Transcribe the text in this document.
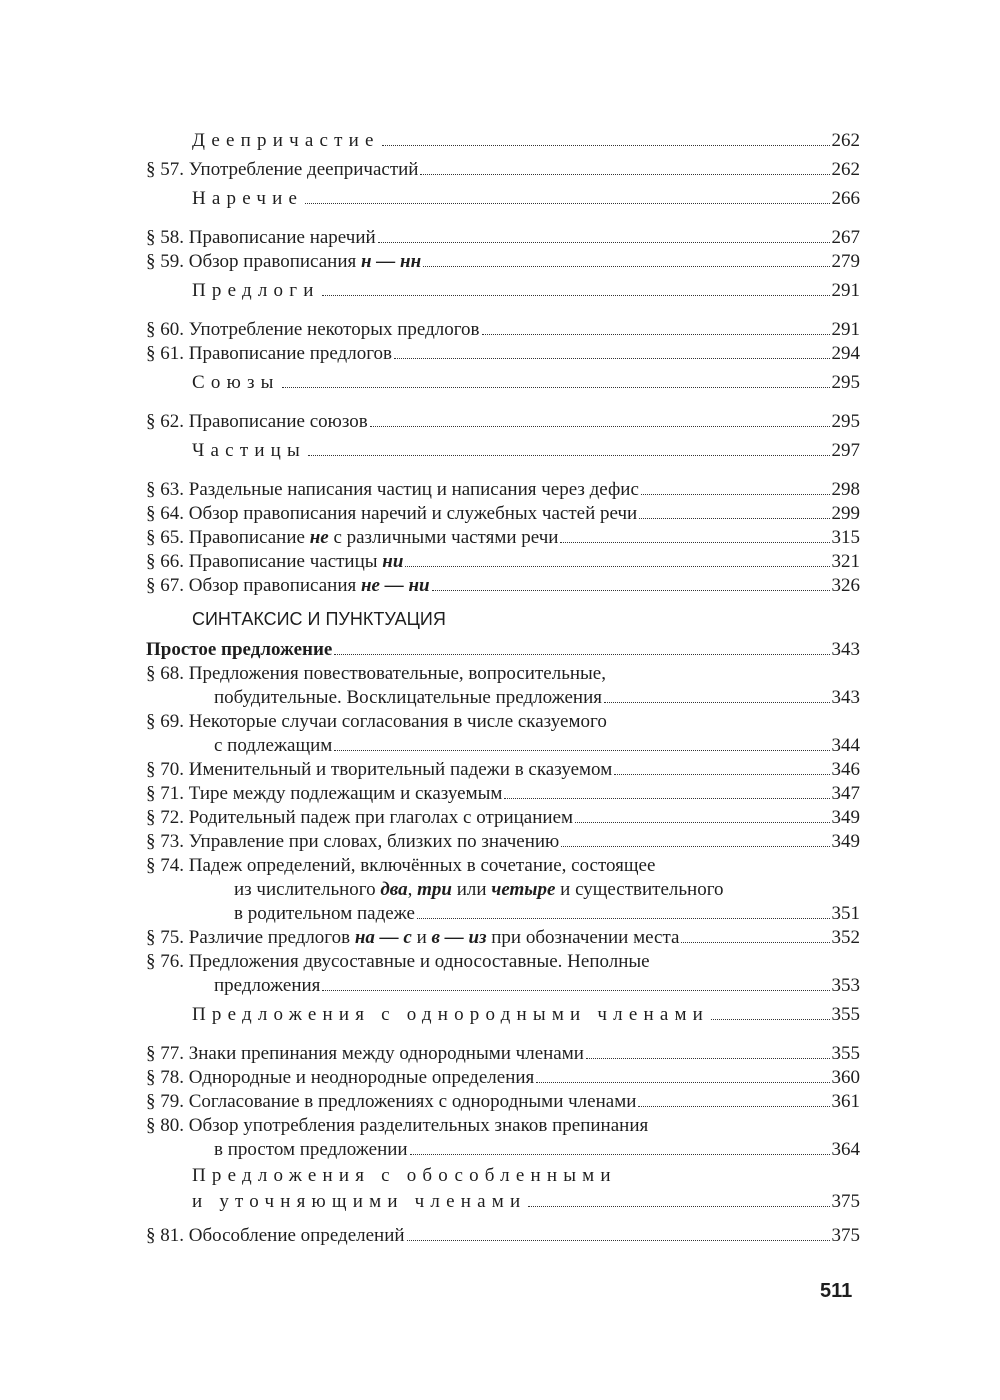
Деепричастие	262
§ 57. Употребление деепричастий	262
Наречие	266
§ 58. Правописание наречий	267
§ 59. Обзор правописания н — нн	279
Предлоги	291
§ 60. Употребление некоторых предлогов	291
§ 61. Правописание предлогов	294
Союзы	295
§ 62. Правописание союзов	295
Частицы	297
§ 63. Раздельные написания частиц и написания через дефис	298
§ 64. Обзор правописания наречий и служебных частей речи	299
§ 65. Правописание не с различными частями речи	315
§ 66. Правописание частицы ни	321
§ 67. Обзор правописания не — ни	326
СИНТАКСИС И ПУНКТУАЦИЯ
Простое предложение	343
§ 68. Предложения повествовательные, вопросительные,
побудительные. Восклицательные предложения	343
§ 69. Некоторые случаи согласования в числе сказуемого
с подлежащим	344
§ 70. Именительный и творительный падежи в сказуемом	346
§ 71. Тире между подлежащим и сказуемым	347
§ 72. Родительный падеж при глаголах с отрицанием	349
§ 73. Управление при словах, близких по значению	349
§ 74. Падеж определений, включённых в сочетание, состоящее
из числительного два, три или четыре и существительного
в родительном падеже	351
§ 75. Различие предлогов на — с и в — из при обозначении места	352
§ 76. Предложения двусоставные и односоставные. Неполные
предложения	353
Предложения с однородными членами	355
§ 77. Знаки препинания между однородными членами	355
§ 78. Однородные и неоднородные определения	360
§ 79. Согласование в предложениях с однородными членами	361
§ 80. Обзор употребления разделительных знаков препинания
в простом предложении	364
Предложения с обособленными
и уточняющими членами	375
§ 81. Обособление определений	375
511
